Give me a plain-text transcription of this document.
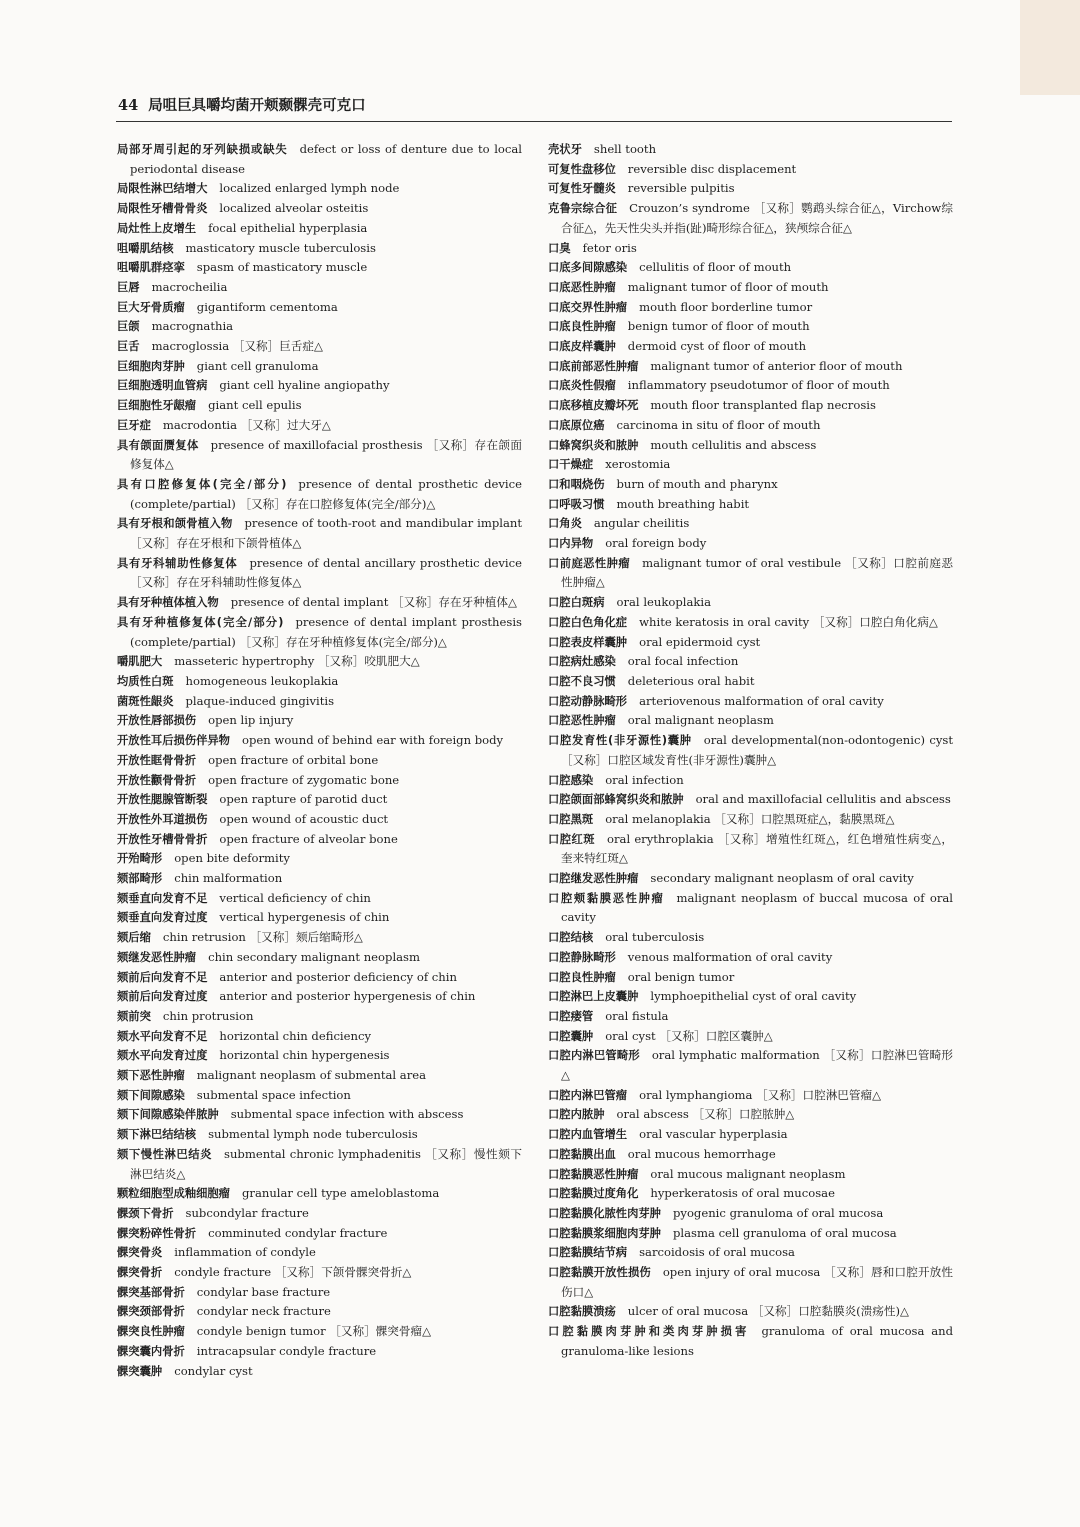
44 局咀巨具嚼均菌开颊颞髁壳可克口

局部牙周引起的牙列缺损或缺失 defect or loss of denture due to local periodontal disease

局限性淋巴结增大 localized enlarged lymph node

局限性牙槽骨骨炎 localized alveolar osteitis

局灶性上皮增生 focal epithelial hyperplasia

咀嚼肌结核 masticatory muscle tuberculosis

咀嚼肌群痉挛 spasm of masticatory muscle

巨唇 macrocheilia

巨大牙骨质瘤 gigantiform cementoma

巨颌 macrognathia

巨舌 macroglossia ［又称］巨舌症△

巨细胞肉芽肿 giant cell granuloma

巨细胞透明血管病 giant cell hyaline angiopathy

巨细胞性牙龈瘤 giant cell epulis

巨牙症 macrodontia ［又称］过大牙△

具有颌面赝复体 presence of maxillofacial prosthesis ［又称］存在颌面修复体△

具有口腔修复体(完全/部分) presence of dental prosthetic device (complete/partial) ［又称］存在口腔修复体(完全/部分)△

具有牙根和颌骨植入物 presence of tooth-root and mandibular implant ［又称］存在牙根和下颌骨植体△

具有牙科辅助性修复体 presence of dental ancillary prosthetic device ［又称］存在牙科辅助性修复体△

具有牙种植体植入物 presence of dental implant ［又称］存在牙种植体△

具有牙种植修复体(完全/部分) presence of dental implant prosthesis (complete/partial) ［又称］存在牙种植修复体(完全/部分)△

嚼肌肥大 masseteric hypertrophy ［又称］咬肌肥大△

均质性白斑 homogeneous leukoplakia

菌斑性龈炎 plaque-induced gingivitis

开放性唇部损伤 open lip injury

开放性耳后损伤伴异物 open wound of behind ear with foreign body

开放性眶骨骨折 open fracture of orbital bone

开放性颧骨骨折 open fracture of zygomatic bone

开放性腮腺管断裂 open rapture of parotid duct

开放性外耳道损伤 open wound of acoustic duct

开放性牙槽骨骨折 open fracture of alveolar bone

开殆畸形 open bite deformity

颏部畸形 chin malformation

颏垂直向发育不足 vertical deficiency of chin

颏垂直向发育过度 vertical hypergenesis of chin

颏后缩 chin retrusion ［又称］颏后缩畸形△

颏继发恶性肿瘤 chin secondary malignant neoplasm

颏前后向发育不足 anterior and posterior deficiency of chin

颏前后向发育过度 anterior and posterior hypergenesis of chin

颏前突 chin protrusion

颏水平向发育不足 horizontal chin deficiency

颏水平向发育过度 horizontal chin hypergenesis

颏下恶性肿瘤 malignant neoplasm of submental area

颏下间隙感染 submental space infection

颏下间隙感染伴脓肿 submental space infection with abscess

颏下淋巴结结核 submental lymph node tuberculosis

颏下慢性淋巴结炎 submental chronic lymphadenitis ［又称］慢性颏下淋巴结炎△

颗粒细胞型成釉细胞瘤 granular cell type ameloblastoma

髁颈下骨折 subcondylar fracture

髁突粉碎性骨折 comminuted condylar fracture

髁突骨炎 inflammation of condyle

髁突骨折 condyle fracture ［又称］下颌骨髁突骨折△

髁突基部骨折 condylar base fracture

髁突颈部骨折 condylar neck fracture

髁突良性肿瘤 condyle benign tumor ［又称］髁突骨瘤△

髁突囊内骨折 intracapsular condyle fracture

髁突囊肿 condylar cyst

壳状牙 shell tooth

可复性盘移位 reversible disc displacement

可复性牙髓炎 reversible pulpitis

克鲁宗综合征 Crouzon’s syndrome ［又称］鹦鹉头综合征△，Virchow综合征△，先天性尖头并指(趾)畸形综合征△，狭颅综合征△

口臭 fetor oris

口底多间隙感染 cellulitis of floor of mouth

口底恶性肿瘤 malignant tumor of floor of mouth

口底交界性肿瘤 mouth floor borderline tumor

口底良性肿瘤 benign tumor of floor of mouth

口底皮样囊肿 dermoid cyst of floor of mouth

口底前部恶性肿瘤 malignant tumor of anterior floor of mouth

口底炎性假瘤 inflammatory pseudotumor of floor of mouth

口底移植皮瓣坏死 mouth floor transplanted flap necrosis

口底原位癌 carcinoma in situ of floor of mouth

口蜂窝织炎和脓肿 mouth cellulitis and abscess

口干燥症 xerostomia

口和咽烧伤 burn of mouth and pharynx

口呼吸习惯 mouth breathing habit

口角炎 angular cheilitis

口内异物 oral foreign body

口前庭恶性肿瘤 malignant tumor of oral vestibule ［又称］口腔前庭恶性肿瘤△

口腔白斑病 oral leukoplakia

口腔白色角化症 white keratosis in oral cavity ［又称］口腔白角化病△

口腔表皮样囊肿 oral epidermoid cyst

口腔病灶感染 oral focal infection

口腔不良习惯 deleterious oral habit

口腔动静脉畸形 arteriovenous malformation of oral cavity

口腔恶性肿瘤 oral malignant neoplasm

口腔发育性(非牙源性)囊肿 oral developmental(non-odontogenic) cyst ［又称］口腔区域发育性(非牙源性)囊肿△

口腔感染 oral infection

口腔颌面部蜂窝织炎和脓肿 oral and maxillofacial cellulitis and abscess

口腔黑斑 oral melanoplakia ［又称］口腔黑斑症△，黏膜黑斑△

口腔红斑 oral erythroplakia ［又称］增殖性红斑△，红色增殖性病变△，奎来特红斑△

口腔继发恶性肿瘤 secondary malignant neoplasm of oral cavity

口腔颊黏膜恶性肿瘤 malignant neoplasm of buccal mucosa of oral cavity

口腔结核 oral tuberculosis

口腔静脉畸形 venous malformation of oral cavity

口腔良性肿瘤 oral benign tumor

口腔淋巴上皮囊肿 lymphoepithelial cyst of oral cavity

口腔瘘管 oral fistula

口腔囊肿 oral cyst ［又称］口腔区囊肿△

口腔内淋巴管畸形 oral lymphatic malformation ［又称］口腔淋巴管畸形△

口腔内淋巴管瘤 oral lymphangioma ［又称］口腔淋巴管瘤△

口腔内脓肿 oral abscess ［又称］口腔脓肿△

口腔内血管增生 oral vascular hyperplasia

口腔黏膜出血 oral mucous hemorrhage

口腔黏膜恶性肿瘤 oral mucous malignant neoplasm

口腔黏膜过度角化 hyperkeratosis of oral mucosae

口腔黏膜化脓性肉芽肿 pyogenic granuloma of oral mucosa

口腔黏膜浆细胞肉芽肿 plasma cell granuloma of oral mucosa

口腔黏膜结节病 sarcoidosis of oral mucosa

口腔黏膜开放性损伤 open injury of oral mucosa ［又称］唇和口腔开放性伤口△

口腔黏膜溃疡 ulcer of oral mucosa ［又称］口腔黏膜炎(溃疡性)△

口腔黏膜肉芽肿和类肉芽肿损害 granuloma of oral mucosa and granuloma-like lesions
